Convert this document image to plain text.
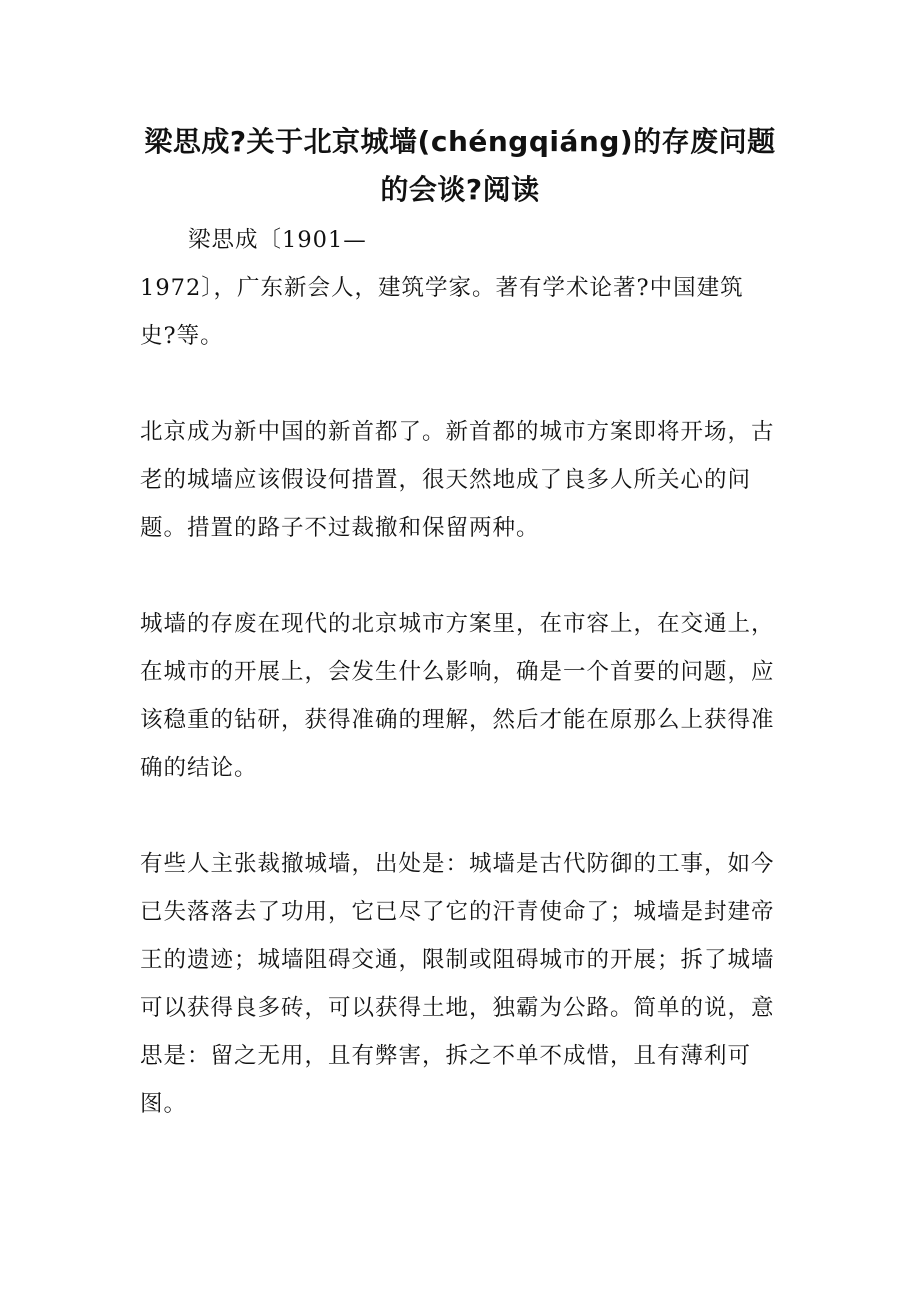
梁思成?关于北京城墙(chéngqiáng)的存废问题的会谈?阅读

梁思成〔1901—
1972〕，广东新会人，建筑学家。著有学术论著?中国建筑史?等。

北京成为新中国的新首都了。新首都的城市方案即将开场，古老的城墙应该假设何措置，很天然地成了良多人所关心的问题。措置的路子不过裁撤和保留两种。

城墙的存废在现代的北京城市方案里，在市容上，在交通上，在城市的开展上，会发生什么影响，确是一个首要的问题，应该稳重的钻研，获得准确的理解，然后才能在原那么上获得准确的结论。

有些人主张裁撤城墙，出处是：城墙是古代防御的工事，如今已失落落去了功用，它已尽了它的汗青使命了；城墙是封建帝王的遗迹；城墙阻碍交通，限制或阻碍城市的开展；拆了城墙可以获得良多砖，可以获得土地，独霸为公路。简单的说，意思是：留之无用，且有弊害，拆之不单不成惜，且有薄利可图。
